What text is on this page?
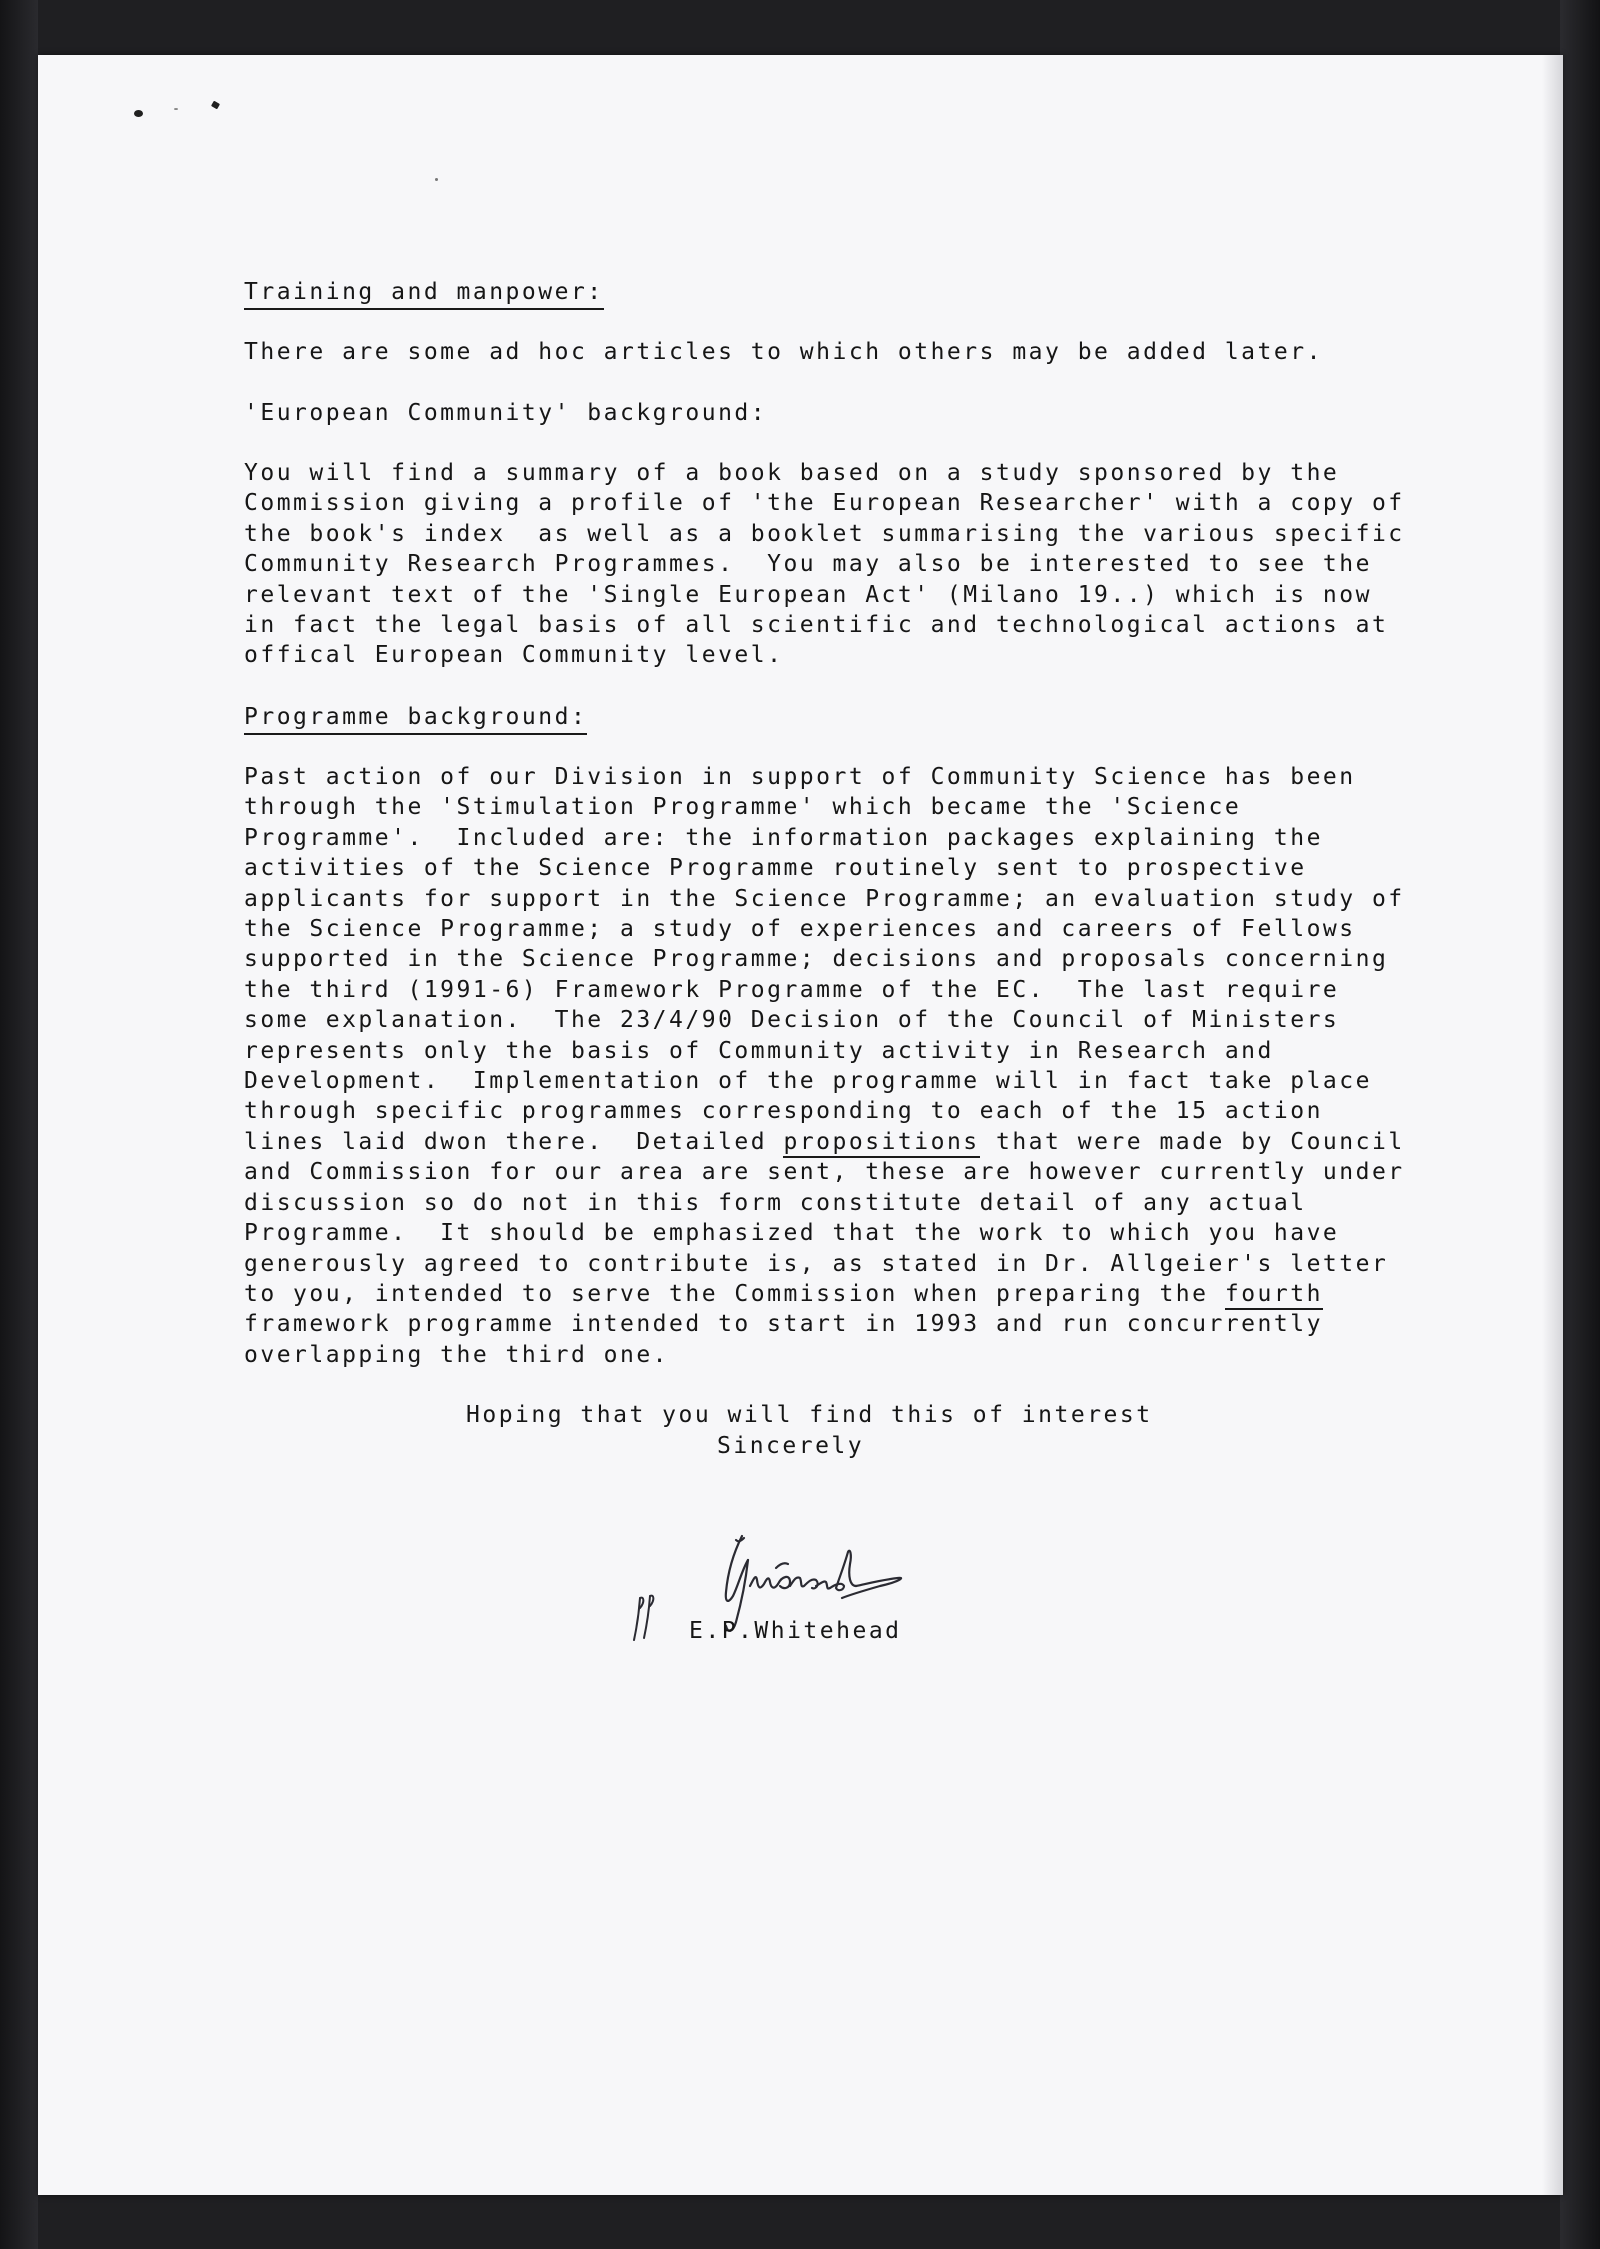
Training and manpower:
There are some ad hoc articles to which others may be added later.
'European Community' background:
You will find a summary of a book based on a study sponsored by the
Commission giving a profile of 'the European Researcher' with a copy of
the book's index  as well as a booklet summarising the various specific
Community Research Programmes.  You may also be interested to see the
relevant text of the 'Single European Act' (Milano 19..) which is now
in fact the legal basis of all scientific and technological actions at
offical European Community level.
Programme background:
Past action of our Division in support of Community Science has been
through the 'Stimulation Programme' which became the 'Science
Programme'.  Included are: the information packages explaining the
activities of the Science Programme routinely sent to prospective
applicants for support in the Science Programme; an evaluation study of
the Science Programme; a study of experiences and careers of Fellows
supported in the Science Programme; decisions and proposals concerning
the third (1991-6) Framework Programme of the EC.  The last require
some explanation.  The 23/4/90 Decision of the Council of Ministers
represents only the basis of Community activity in Research and
Development.  Implementation of the programme will in fact take place
through specific programmes corresponding to each of the 15 action
lines laid dwon there.  Detailed propositions that were made by Council
and Commission for our area are sent, these are however currently under
discussion so do not in this form constitute detail of any actual
Programme.  It should be emphasized that the work to which you have
generously agreed to contribute is, as stated in Dr. Allgeier's letter
to you, intended to serve the Commission when preparing the fourth
framework programme intended to start in 1993 and run concurrently
overlapping the third one.
Hoping that you will find this of interest
Sincerely
E.P.Whitehead
